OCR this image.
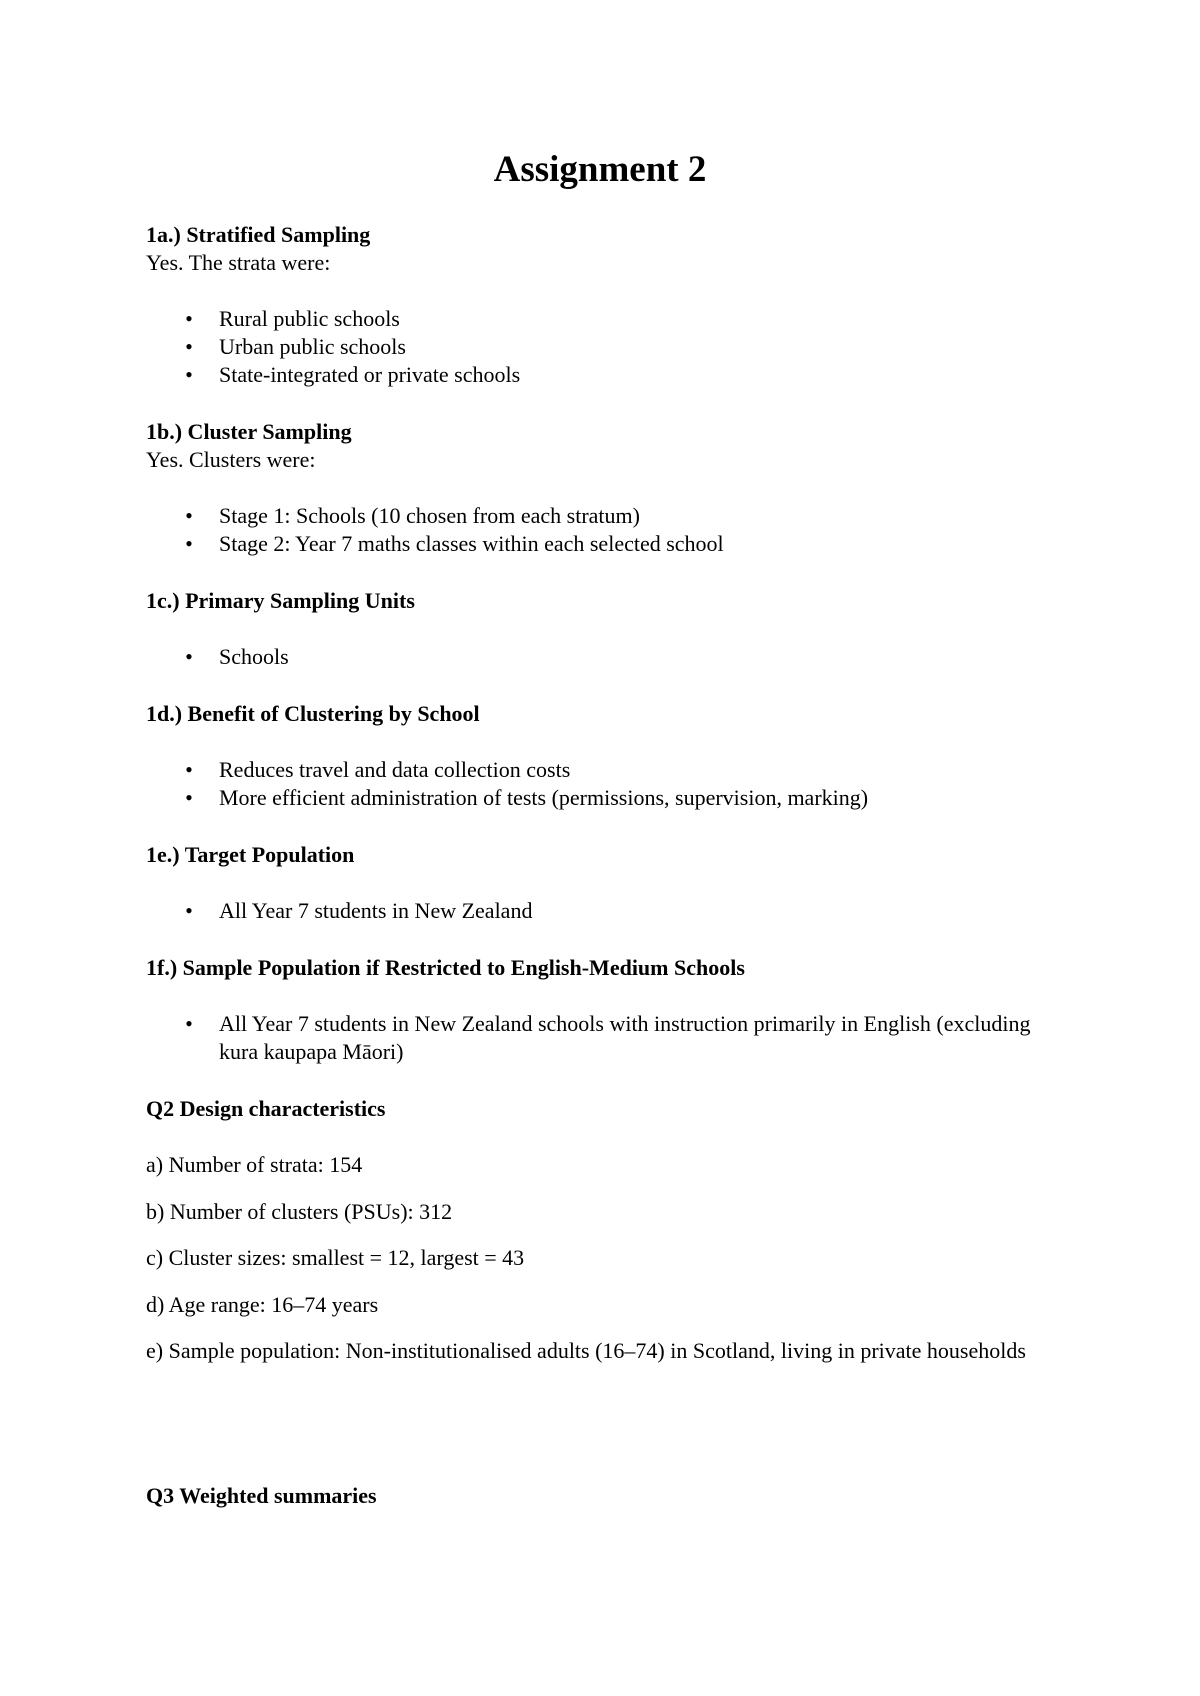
Assignment 2
1a.) Stratified Sampling
Yes. The strata were:
• Rural public schools
• Urban public schools
• State-integrated or private schools
1b.) Cluster Sampling
Yes. Clusters were:
• Stage 1: Schools (10 chosen from each stratum)
• Stage 2: Year 7 maths classes within each selected school
1c.) Primary Sampling Units
• Schools
1d.) Benefit of Clustering by School
• Reduces travel and data collection costs
• More efficient administration of tests (permissions, supervision, marking)
1e.) Target Population
• All Year 7 students in New Zealand
1f.) Sample Population if Restricted to English-Medium Schools
• All Year 7 students in New Zealand schools with instruction primarily in English (excluding kura kaupapa Māori)
Q2 Design characteristics
a) Number of strata: 154
b) Number of clusters (PSUs): 312
c) Cluster sizes: smallest = 12, largest = 43
d) Age range: 16–74 years
e) Sample population: Non-institutionalised adults (16–74) in Scotland, living in private households
Q3 Weighted summaries
